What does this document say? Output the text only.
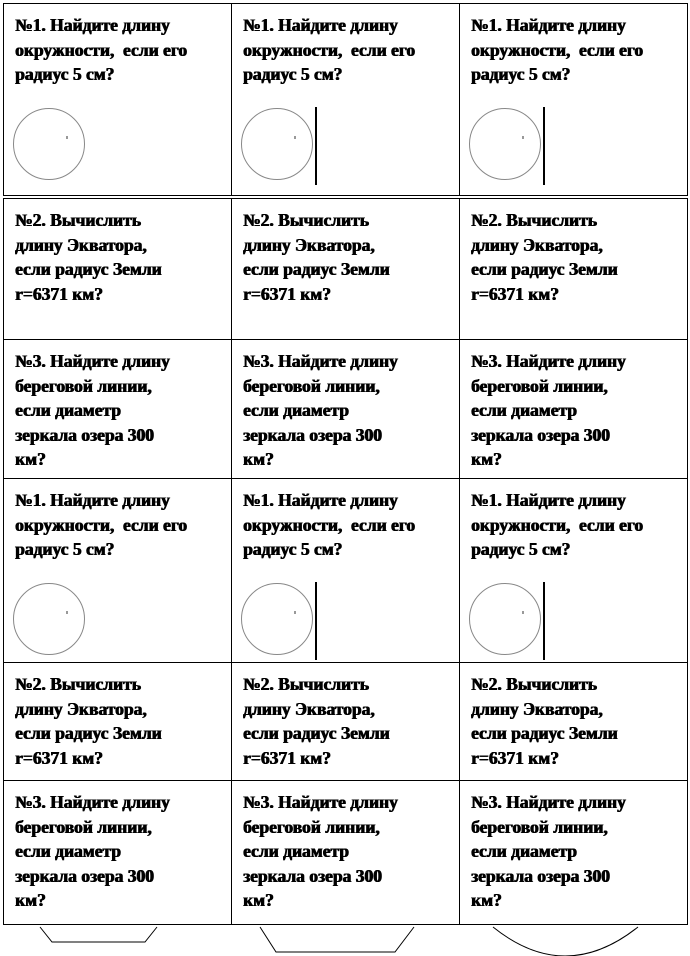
№1. Найдите длину
окружности,  если его
радиус 5 см?

№1. Найдите длину
окружности,  если его
радиус 5 см?

№1. Найдите длину
окружности,  если его
радиус 5 см?

№2. Вычислить
длину Экватора,
если радиус Земли
r=6371 км?

№2. Вычислить
длину Экватора,
если радиус Земли
r=6371 км?

№2. Вычислить
длину Экватора,
если радиус Земли
r=6371 км?

№3. Найдите длину
береговой линии,
если диаметр
зеркала озера 300
км?

№3. Найдите длину
береговой линии,
если диаметр
зеркала озера 300
км?

№3. Найдите длину
береговой линии,
если диаметр
зеркала озера 300
км?

№1. Найдите длину
окружности,  если его
радиус 5 см?

№1. Найдите длину
окружности,  если его
радиус 5 см?

№1. Найдите длину
окружности,  если его
радиус 5 см?

№2. Вычислить
длину Экватора,
если радиус Земли
r=6371 км?

№2. Вычислить
длину Экватора,
если радиус Земли
r=6371 км?

№2. Вычислить
длину Экватора,
если радиус Земли
r=6371 км?

№3. Найдите длину
береговой линии,
если диаметр
зеркала озера 300
км?

№3. Найдите длину
береговой линии,
если диаметр
зеркала озера 300
км?

№3. Найдите длину
береговой линии,
если диаметр
зеркала озера 300
км?
